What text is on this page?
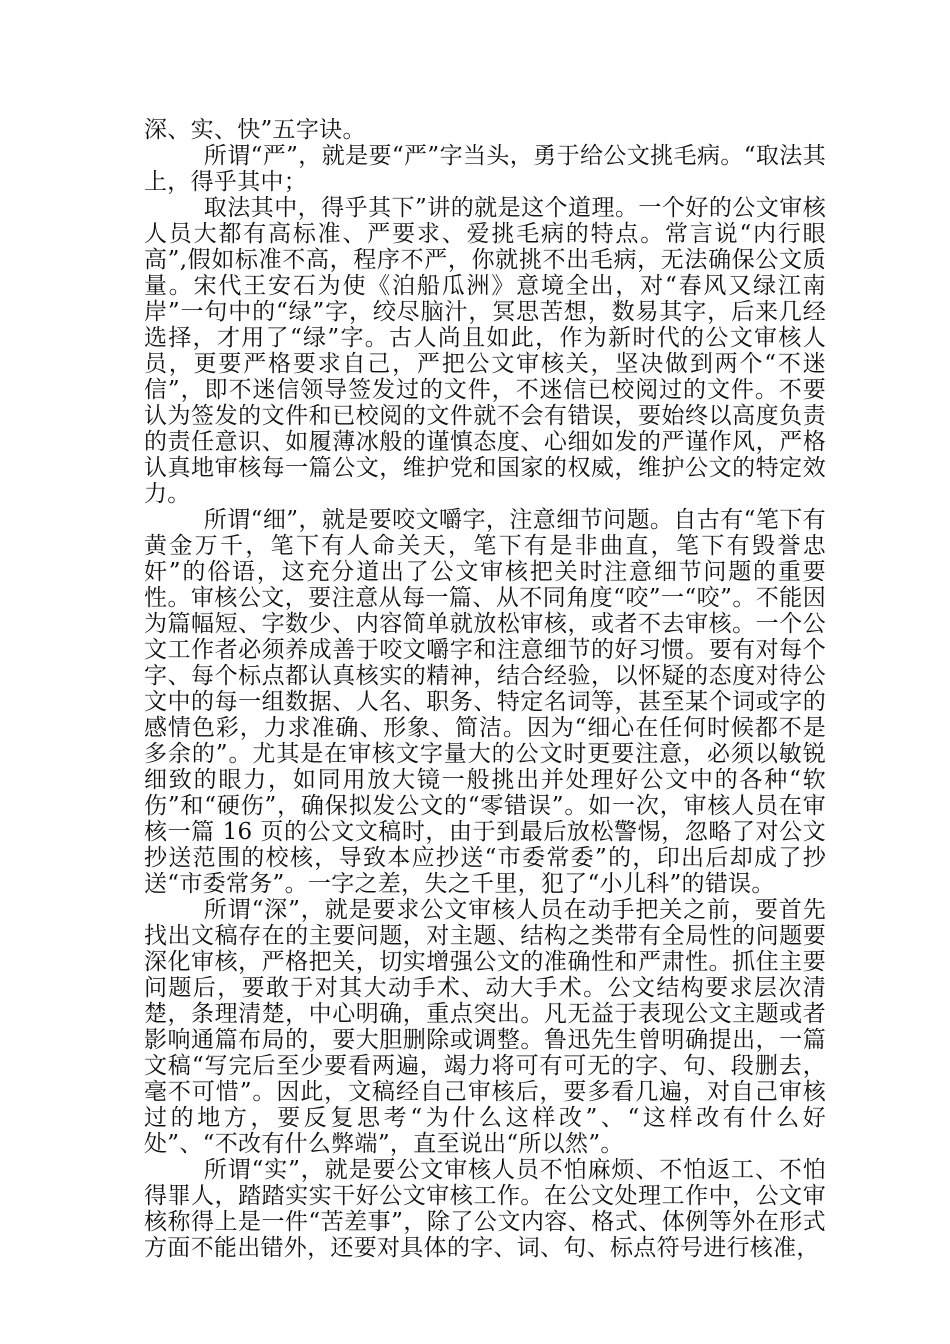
深、实、快”五字诀。

所谓“严”，就是要“严”字当头，勇于给公文挑毛病。“取法其上，得乎其中；

取法其中，得乎其下”讲的就是这个道理。一个好的公文审核人员大都有高标准、严要求、爱挑毛病的特点。常言说“内行眼高”,假如标准不高，程序不严，你就挑不出毛病，无法确保公文质量。宋代王安石为使《泊船瓜洲》意境全出，对“春风又绿江南岸”一句中的“绿”字，绞尽脑汁，冥思苦想，数易其字，后来几经选择，才用了“绿”字。古人尚且如此，作为新时代的公文审核人员，更要严格要求自己，严把公文审核关，坚决做到两个“不迷信”，即不迷信领导签发过的文件，不迷信已校阅过的文件。不要认为签发的文件和已校阅的文件就不会有错误，要始终以高度负责的责任意识、如履薄冰般的谨慎态度、心细如发的严谨作风，严格认真地审核每一篇公文，维护党和国家的权威，维护公文的特定效力。

所谓“细”，就是要咬文嚼字，注意细节问题。自古有“笔下有黄金万千，笔下有人命关天，笔下有是非曲直，笔下有毁誉忠奸”的俗语，这充分道出了公文审核把关时注意细节问题的重要性。审核公文，要注意从每一篇、从不同角度“咬”一“咬”。不能因为篇幅短、字数少、内容简单就放松审核，或者不去审核。一个公文工作者必须养成善于咬文嚼字和注意细节的好习惯。要有对每个字、每个标点都认真核实的精神，结合经验，以怀疑的态度对待公文中的每一组数据、人名、职务、特定名词等，甚至某个词或字的感情色彩，力求准确、形象、简洁。因为“细心在任何时候都不是多余的”。尤其是在审核文字量大的公文时更要注意，必须以敏锐细致的眼力，如同用放大镜一般挑出并处理好公文中的各种“软伤”和“硬伤”，确保拟发公文的“零错误”。如一次，审核人员在审核一篇 16 页的公文文稿时，由于到最后放松警惕，忽略了对公文抄送范围的校核，导致本应抄送“市委常委”的，印出后却成了抄送“市委常务”。一字之差，失之千里，犯了“小儿科”的错误。

所谓“深”，就是要求公文审核人员在动手把关之前，要首先找出文稿存在的主要问题，对主题、结构之类带有全局性的问题要深化审核，严格把关，切实增强公文的准确性和严肃性。抓住主要问题后，要敢于对其大动手术、动大手术。公文结构要求层次清楚，条理清楚，中心明确，重点突出。凡无益于表现公文主题或者影响通篇布局的，要大胆删除或调整。鲁迅先生曾明确提出，一篇文稿“写完后至少要看两遍，竭力将可有可无的字、句、段删去，毫不可惜”。因此，文稿经自己审核后，要多看几遍，对自己审核过的地方，要反复思考“为什么这样改”、“这样改有什么好处”、“不改有什么弊端”，直至说出“所以然”。

所谓“实”，就是要公文审核人员不怕麻烦、不怕返工、不怕得罪人，踏踏实实干好公文审核工作。在公文处理工作中，公文审核称得上是一件“苦差事”，除了公文内容、格式、体例等外在形式方面不能出错外，还要对具体的字、词、句、标点符号进行核准，
